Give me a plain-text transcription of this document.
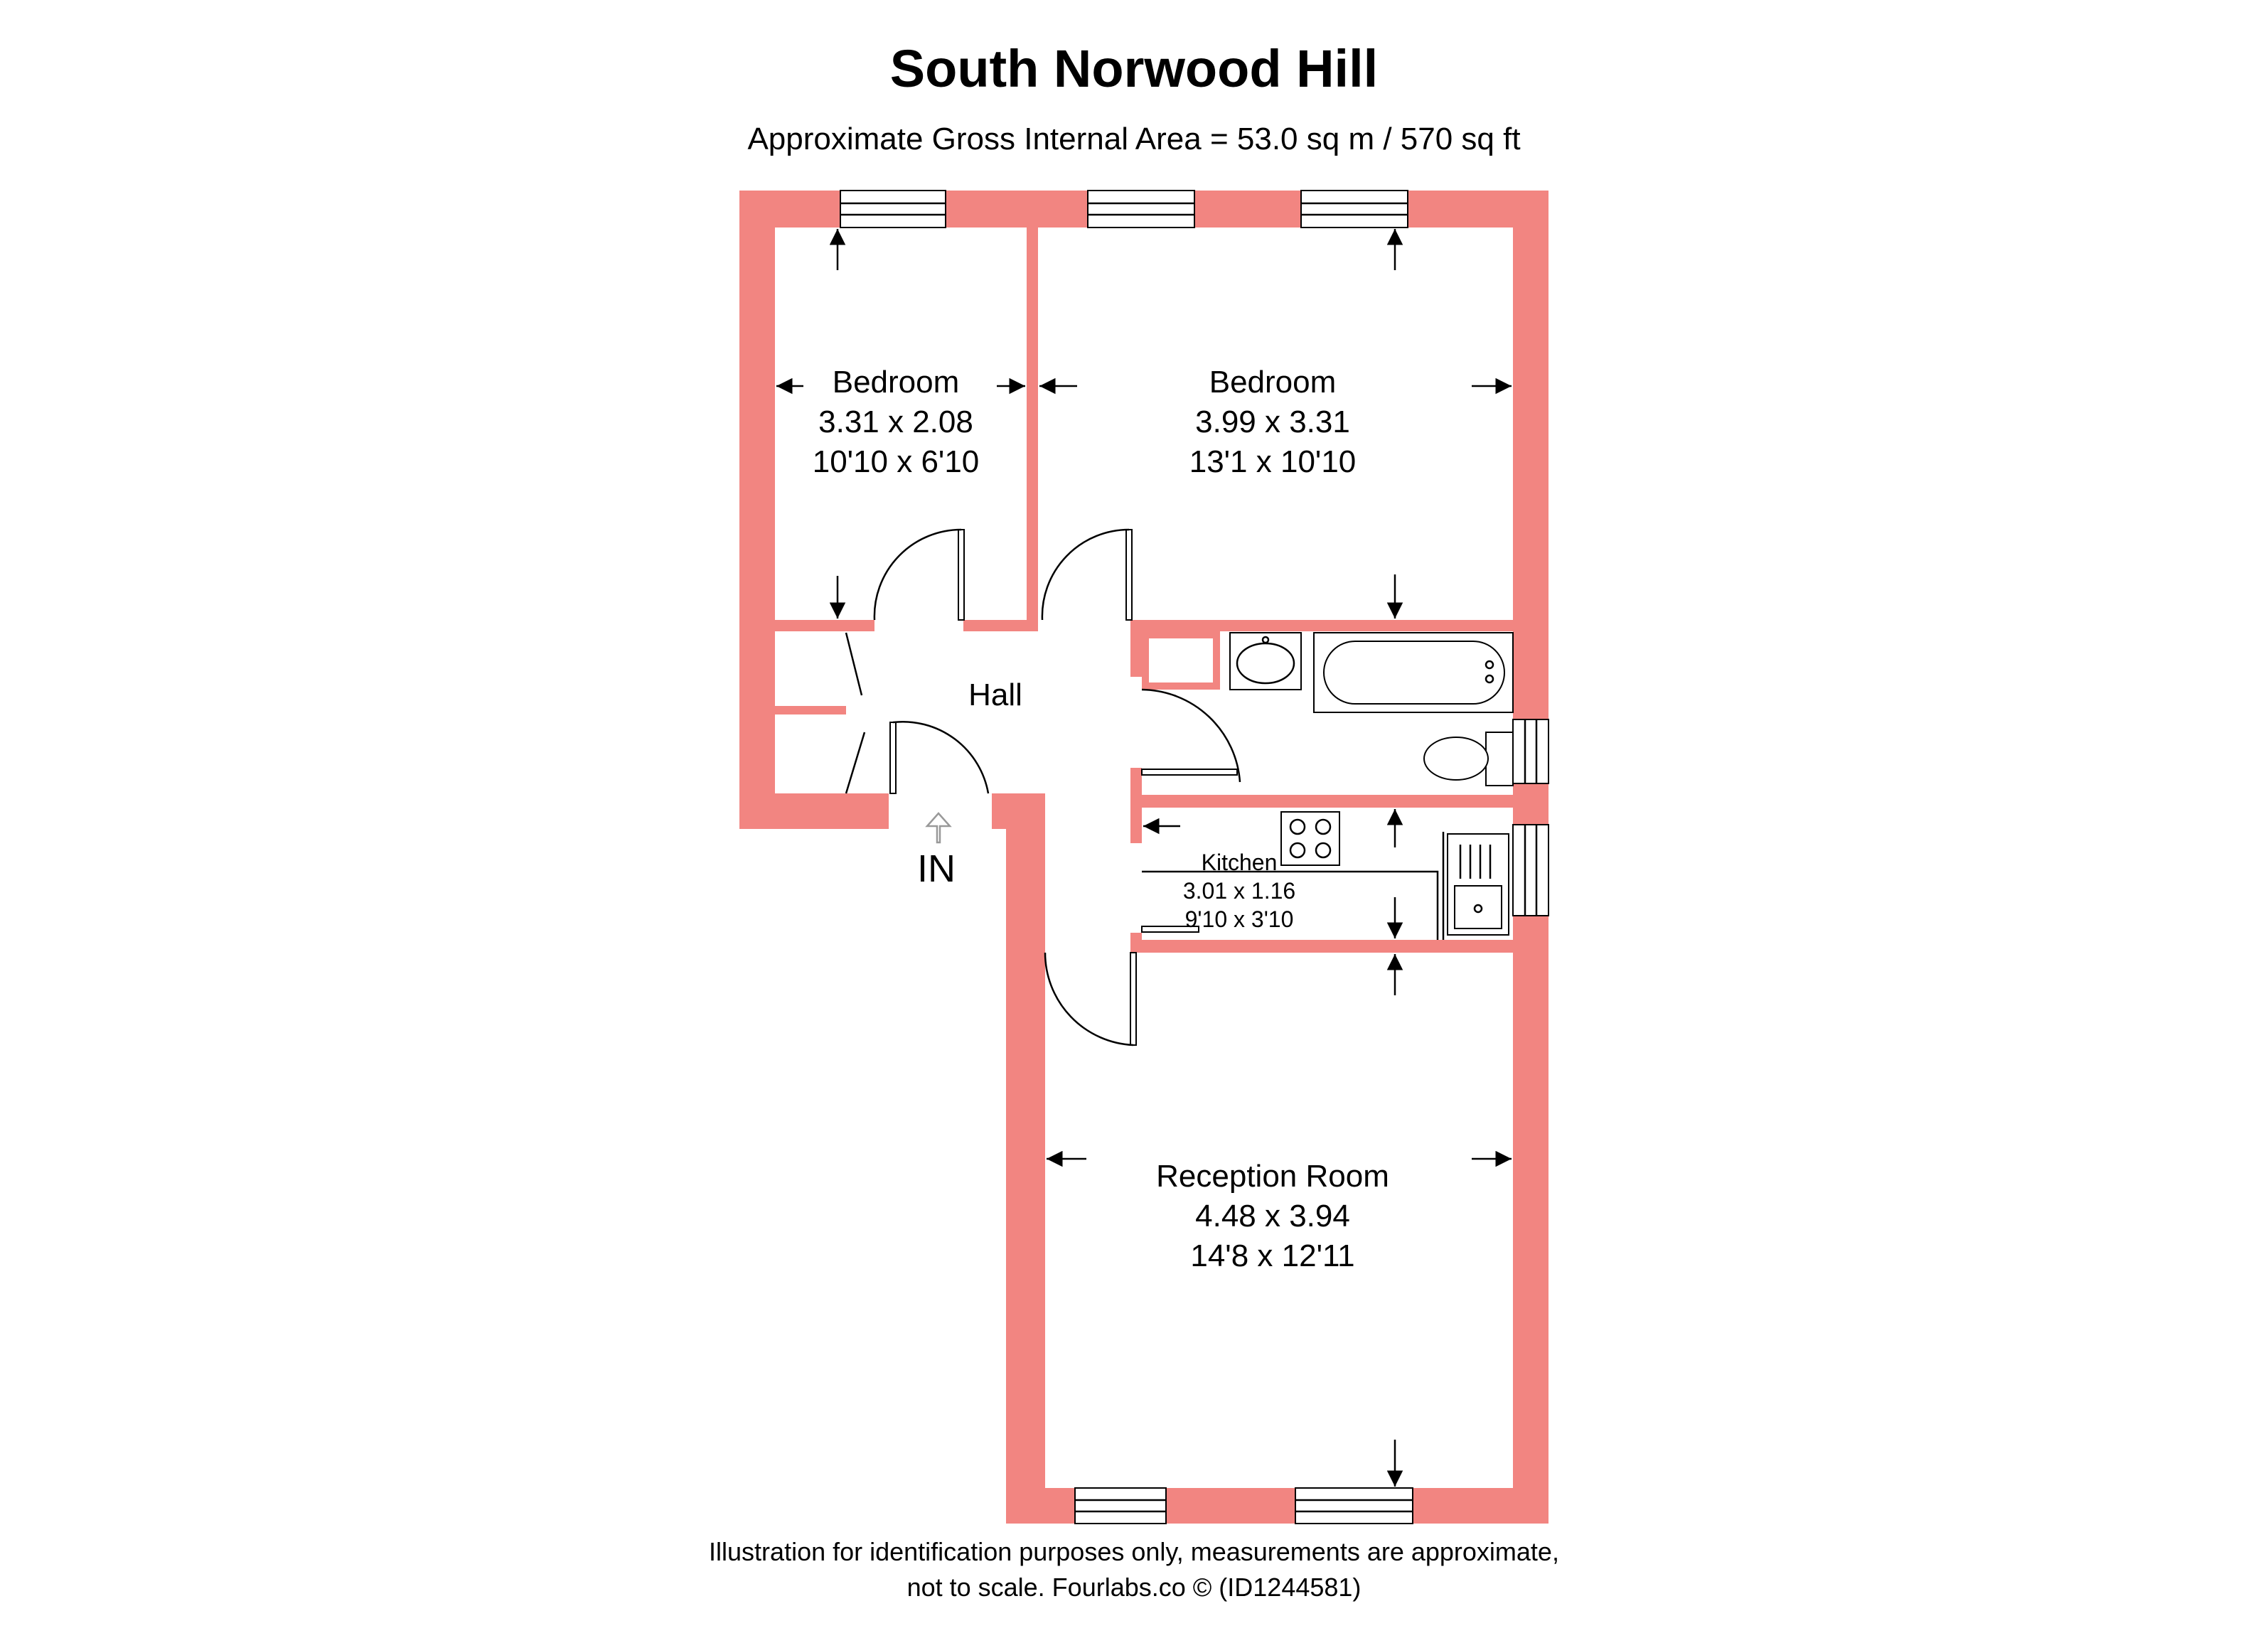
South Norwood Hill
Approximate Gross Internal Area = 53.0 sq m / 570 sq ft
Bedroom
3.31 x 2.08
10'10 x 6'10
Bedroom
3.99 x 3.31
13'1 x 10'10
Hall
Kitchen
3.01 x 1.16
9'10 x 3'10
Reception Room
4.48 x 3.94
14'8 x 12'11
IN
Illustration for identification purposes only, measurements are approximate,
not to scale. Fourlabs.co © (ID1244581)
